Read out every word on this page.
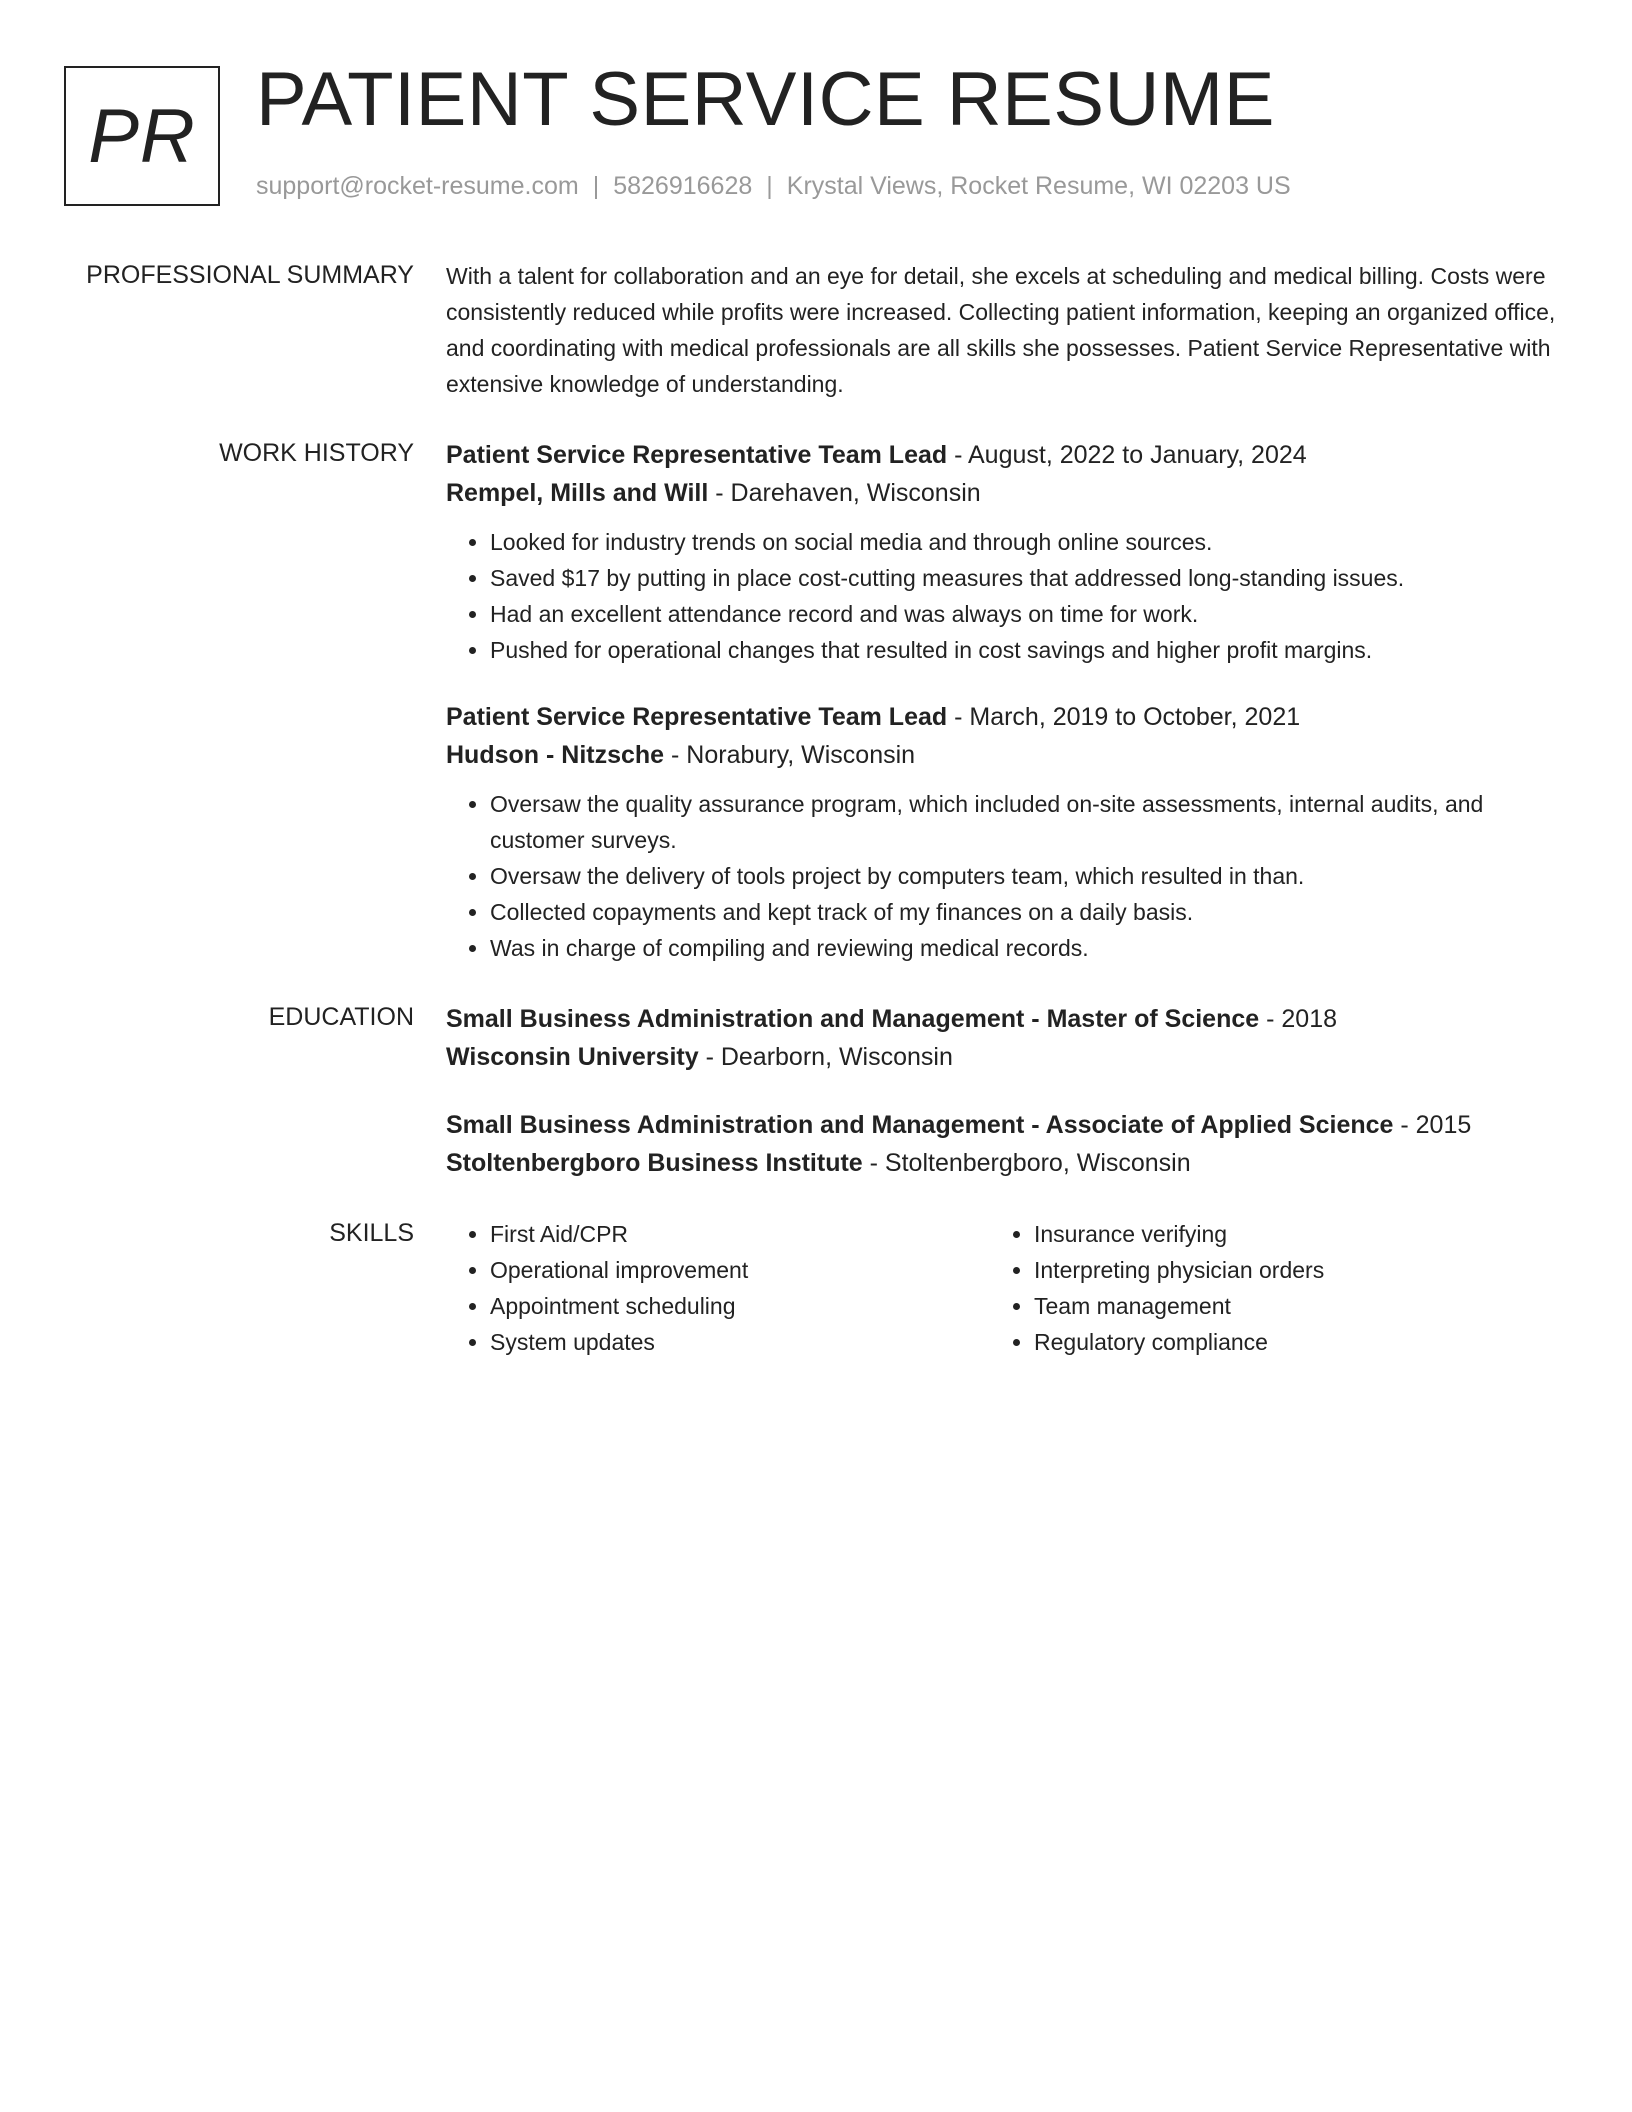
PR PATIENT SERVICE RESUME
support@rocket-resume.com | 5826916628 | Krystal Views, Rocket Resume, WI 02203 US
PROFESSIONAL SUMMARY With a talent for collaboration and an eye for detail, she excels at scheduling and medical billing. Costs were consistently reduced while profits were increased. Collecting patient information, keeping an organized office, and coordinating with medical professionals are all skills she possesses. Patient Service Representative with extensive knowledge of understanding.

WORK HISTORY Patient Service Representative Team Lead - August, 2022 to January, 2024
Rempel, Mills and Will - Darehaven, Wisconsin
• Looked for industry trends on social media and through online sources.
• Saved $17 by putting in place cost-cutting measures that addressed long-standing issues.
• Had an excellent attendance record and was always on time for work.
• Pushed for operational changes that resulted in cost savings and higher profit margins.
Patient Service Representative Team Lead - March, 2019 to October, 2021
Hudson - Nitzsche - Norabury, Wisconsin
• Oversaw the quality assurance program, which included on-site assessments, internal audits, and customer surveys.
• Oversaw the delivery of tools project by computers team, which resulted in than.
• Collected copayments and kept track of my finances on a daily basis.
• Was in charge of compiling and reviewing medical records.
EDUCATION Small Business Administration and Management - Master of Science - 2018
Wisconsin University - Dearborn, Wisconsin
Small Business Administration and Management - Associate of Applied Science - 2015
Stoltenbergboro Business Institute - Stoltenbergboro, Wisconsin
SKILLS
•	First Aid/CPR
• Operational improvement
• Appointment scheduling
• System updates
• Insurance verifying
• Interpreting physician orders
• Team management
• Regulatory compliance
